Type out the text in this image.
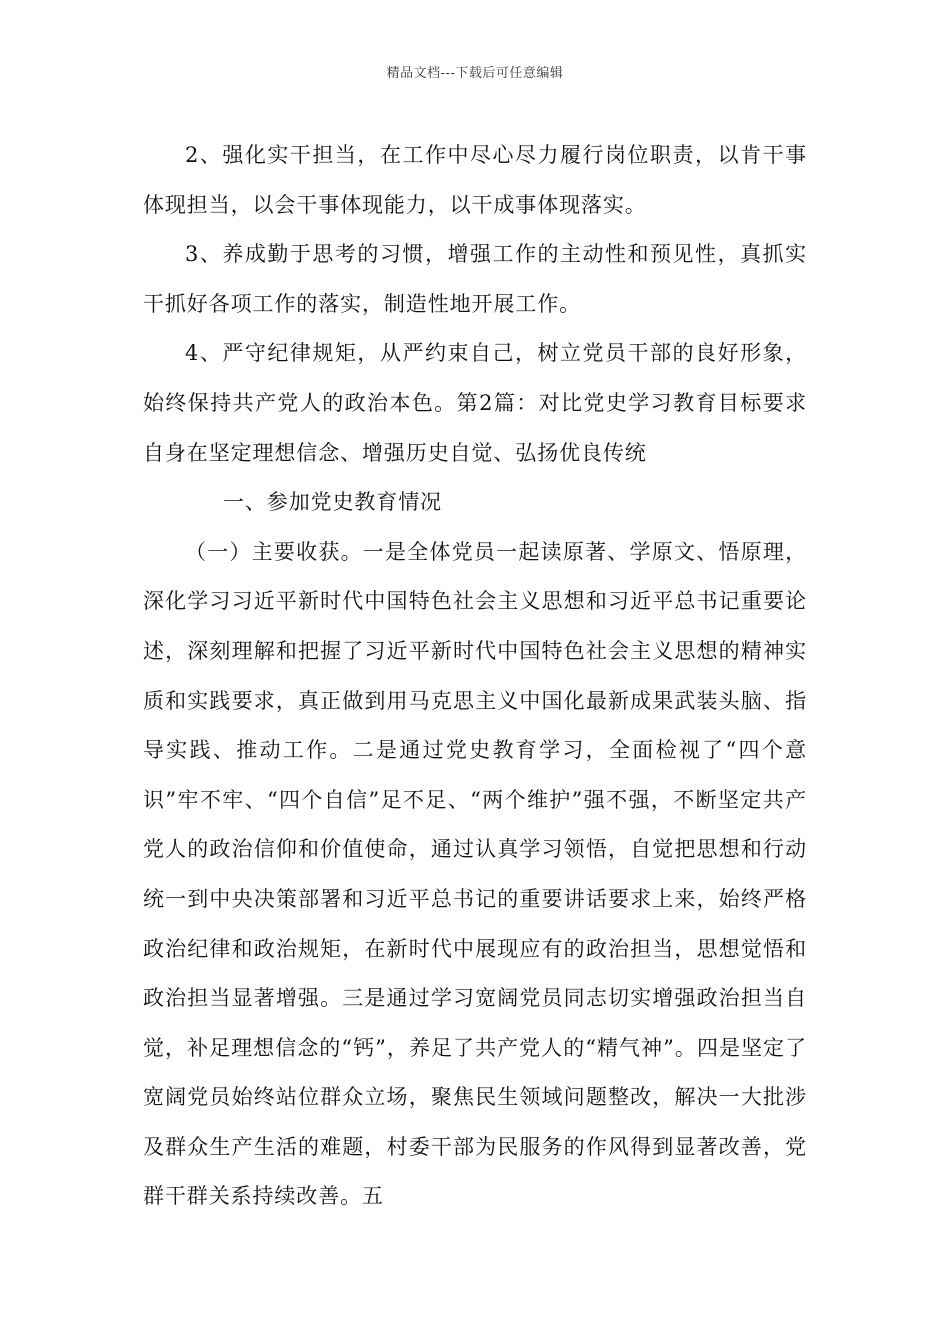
精品文档---下载后可任意编辑

2、强化实干担当，在工作中尽心尽力履行岗位职责，以肯干事体现担当，以会干事体现能力，以干成事体现落实。

3、养成勤于思考的习惯，增强工作的主动性和预见性，真抓实干抓好各项工作的落实，制造性地开展工作。

4、严守纪律规矩，从严约束自己，树立党员干部的良好形象，始终保持共产党人的政治本色。第2篇：对比党史学习教育目标要求自身在坚定理想信念、增强历史自觉、弘扬优良传统

一、参加党史教育情况

（一）主要收获。一是全体党员一起读原著、学原文、悟原理，深化学习习近平新时代中国特色社会主义思想和习近平总书记重要论述，深刻理解和把握了习近平新时代中国特色社会主义思想的精神实质和实践要求，真正做到用马克思主义中国化最新成果武装头脑、指导实践、推动工作。二是通过党史教育学习，全面检视了“四个意识”牢不牢、“四个自信”足不足、“两个维护”强不强，不断坚定共产党人的政治信仰和价值使命，通过认真学习领悟，自觉把思想和行动统一到中央决策部署和习近平总书记的重要讲话要求上来，始终严格政治纪律和政治规矩，在新时代中展现应有的政治担当，思想觉悟和政治担当显著增强。三是通过学习宽阔党员同志切实增强政治担当自觉，补足理想信念的“钙”，养足了共产党人的“精气神”。四是坚定了宽阔党员始终站位群众立场，聚焦民生领域问题整改，解决一大批涉及群众生产生活的难题，村委干部为民服务的作风得到显著改善，党群干群关系持续改善。五
